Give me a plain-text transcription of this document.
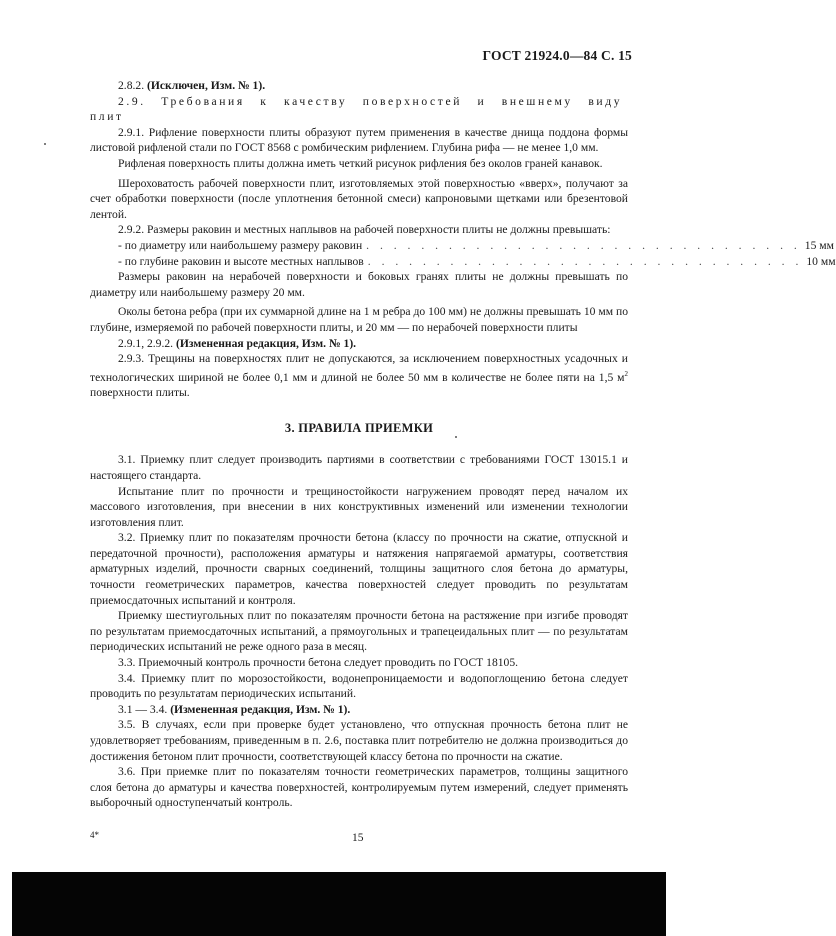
ГОСТ 21924.0—84 С. 15

2.8.2. (Исключен, Изм. № 1).

2.9. Требования к качеству поверхностей и внешнему виду плит

2.9.1. Рифление поверхности плиты образуют путем применения в качестве днища поддона формы листовой рифленой стали по ГОСТ 8568 с ромбическим рифлением. Глубина рифа — не менее 1,0 мм.

Рифленая поверхность плиты должна иметь четкий рисунок рифления без околов граней канавок.

Шероховатость рабочей поверхности плит, изготовляемых этой поверхностью «вверх», получают за счет обработки поверхности (после уплотнения бетонной смеси) капроновыми щетками или брезентовой лентой.

2.9.2. Размеры раковин и местных наплывов на рабочей поверхности плиты не должны превышать:

- по диаметру или наибольшему размеру раковин . . . . . . . . . . . . . . . . . . . . . . . . . . . . . . . . 15 мм
- по глубине раковин и высоте местных наплывов . . . . . . . . . . . . . . . . . . . . . . . . . . . . . . . . 10 мм

Размеры раковин на нерабочей поверхности и боковых гранях плиты не должны превышать по диаметру или наибольшему размеру 20 мм.

Околы бетона ребра (при их суммарной длине на 1 м ребра до 100 мм) не должны превышать 10 мм по глубине, измеряемой по рабочей поверхности плиты, и 20 мм — по нерабочей поверхности плиты

2.9.1, 2.9.2. (Измененная редакция, Изм. № 1).

2.9.3. Трещины на поверхностях плит не допускаются, за исключением поверхностных усадочных и технологических шириной не более 0,1 мм и длиной не более 50 мм в количестве не более пяти на 1,5 $м^2$ поверхности плиты.

3. ПРАВИЛА ПРИЕМКИ

3.1. Приемку плит следует производить партиями в соответствии с требованиями ГОСТ 13015.1 и настоящего стандарта.

Испытание плит по прочности и трещиностойкости нагружением проводят перед началом их массового изготовления, при внесении в них конструктивных изменений или изменении технологии изготовления плит.

3.2. Приемку плит по показателям прочности бетона (классу по прочности на сжатие, отпускной и передаточной прочности), расположения арматуры и натяжения напрягаемой арматуры, соответствия арматурных изделий, прочности сварных соединений, толщины защитного слоя бетона до арматуры, точности геометрических параметров, качества поверхностей следует проводить по результатам приемосдаточных испытаний и контроля.

Приемку шестиугольных плит по показателям прочности бетона на растяжение при изгибе проводят по результатам приемосдаточных испытаний, а прямоугольных и трапецеидальных плит — по результатам периодических испытаний не реже одного раза в месяц.

3.3. Приемочный контроль прочности бетона следует проводить по ГОСТ 18105.

3.4. Приемку плит по морозостойкости, водонепроницаемости и водопоглощению бетона следует проводить по результатам периодических испытаний.

3.1 — 3.4. (Измененная редакция, Изм. № 1).

3.5. В случаях, если при проверке будет установлено, что отпускная прочность бетона плит не удовлетворяет требованиям, приведенным в п. 2.6, поставка плит потребителю не должна производиться до достижения бетоном плит прочности, соответствующей классу бетона по прочности на сжатие.

3.6. При приемке плит по показателям точности геометрических параметров, толщины защитного слоя бетона до арматуры и качества поверхностей, контролируемым путем измерений, следует применять выборочный одноступенчатый контроль.

4*	15
